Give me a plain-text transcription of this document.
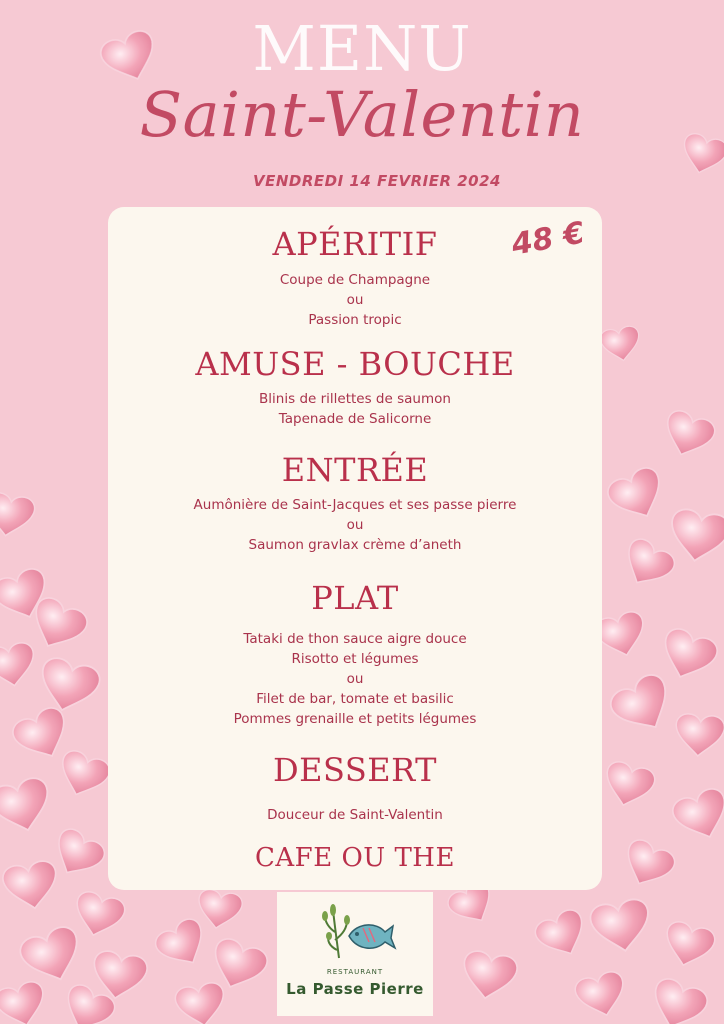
MENU
Saint-Valentin
VENDREDI 14 FEVRIER 2024
48 €
APÉRITIF
Coupe de Champagne
ou
Passion tropic
AMUSE - BOUCHE
Blinis de rillettes de saumon
Tapenade de Salicorne
ENTRÉE
Aumônière de Saint-Jacques et ses passe pierre
ou
Saumon gravlax crème d’aneth
PLAT
Tataki de thon sauce aigre douce
Risotto et légumes
ou
Filet de bar, tomate et basilic
Pommes grenaille et petits légumes
DESSERT
Douceur de Saint-Valentin
CAFE OU THE
RESTAURANT
La Passe Pierre
